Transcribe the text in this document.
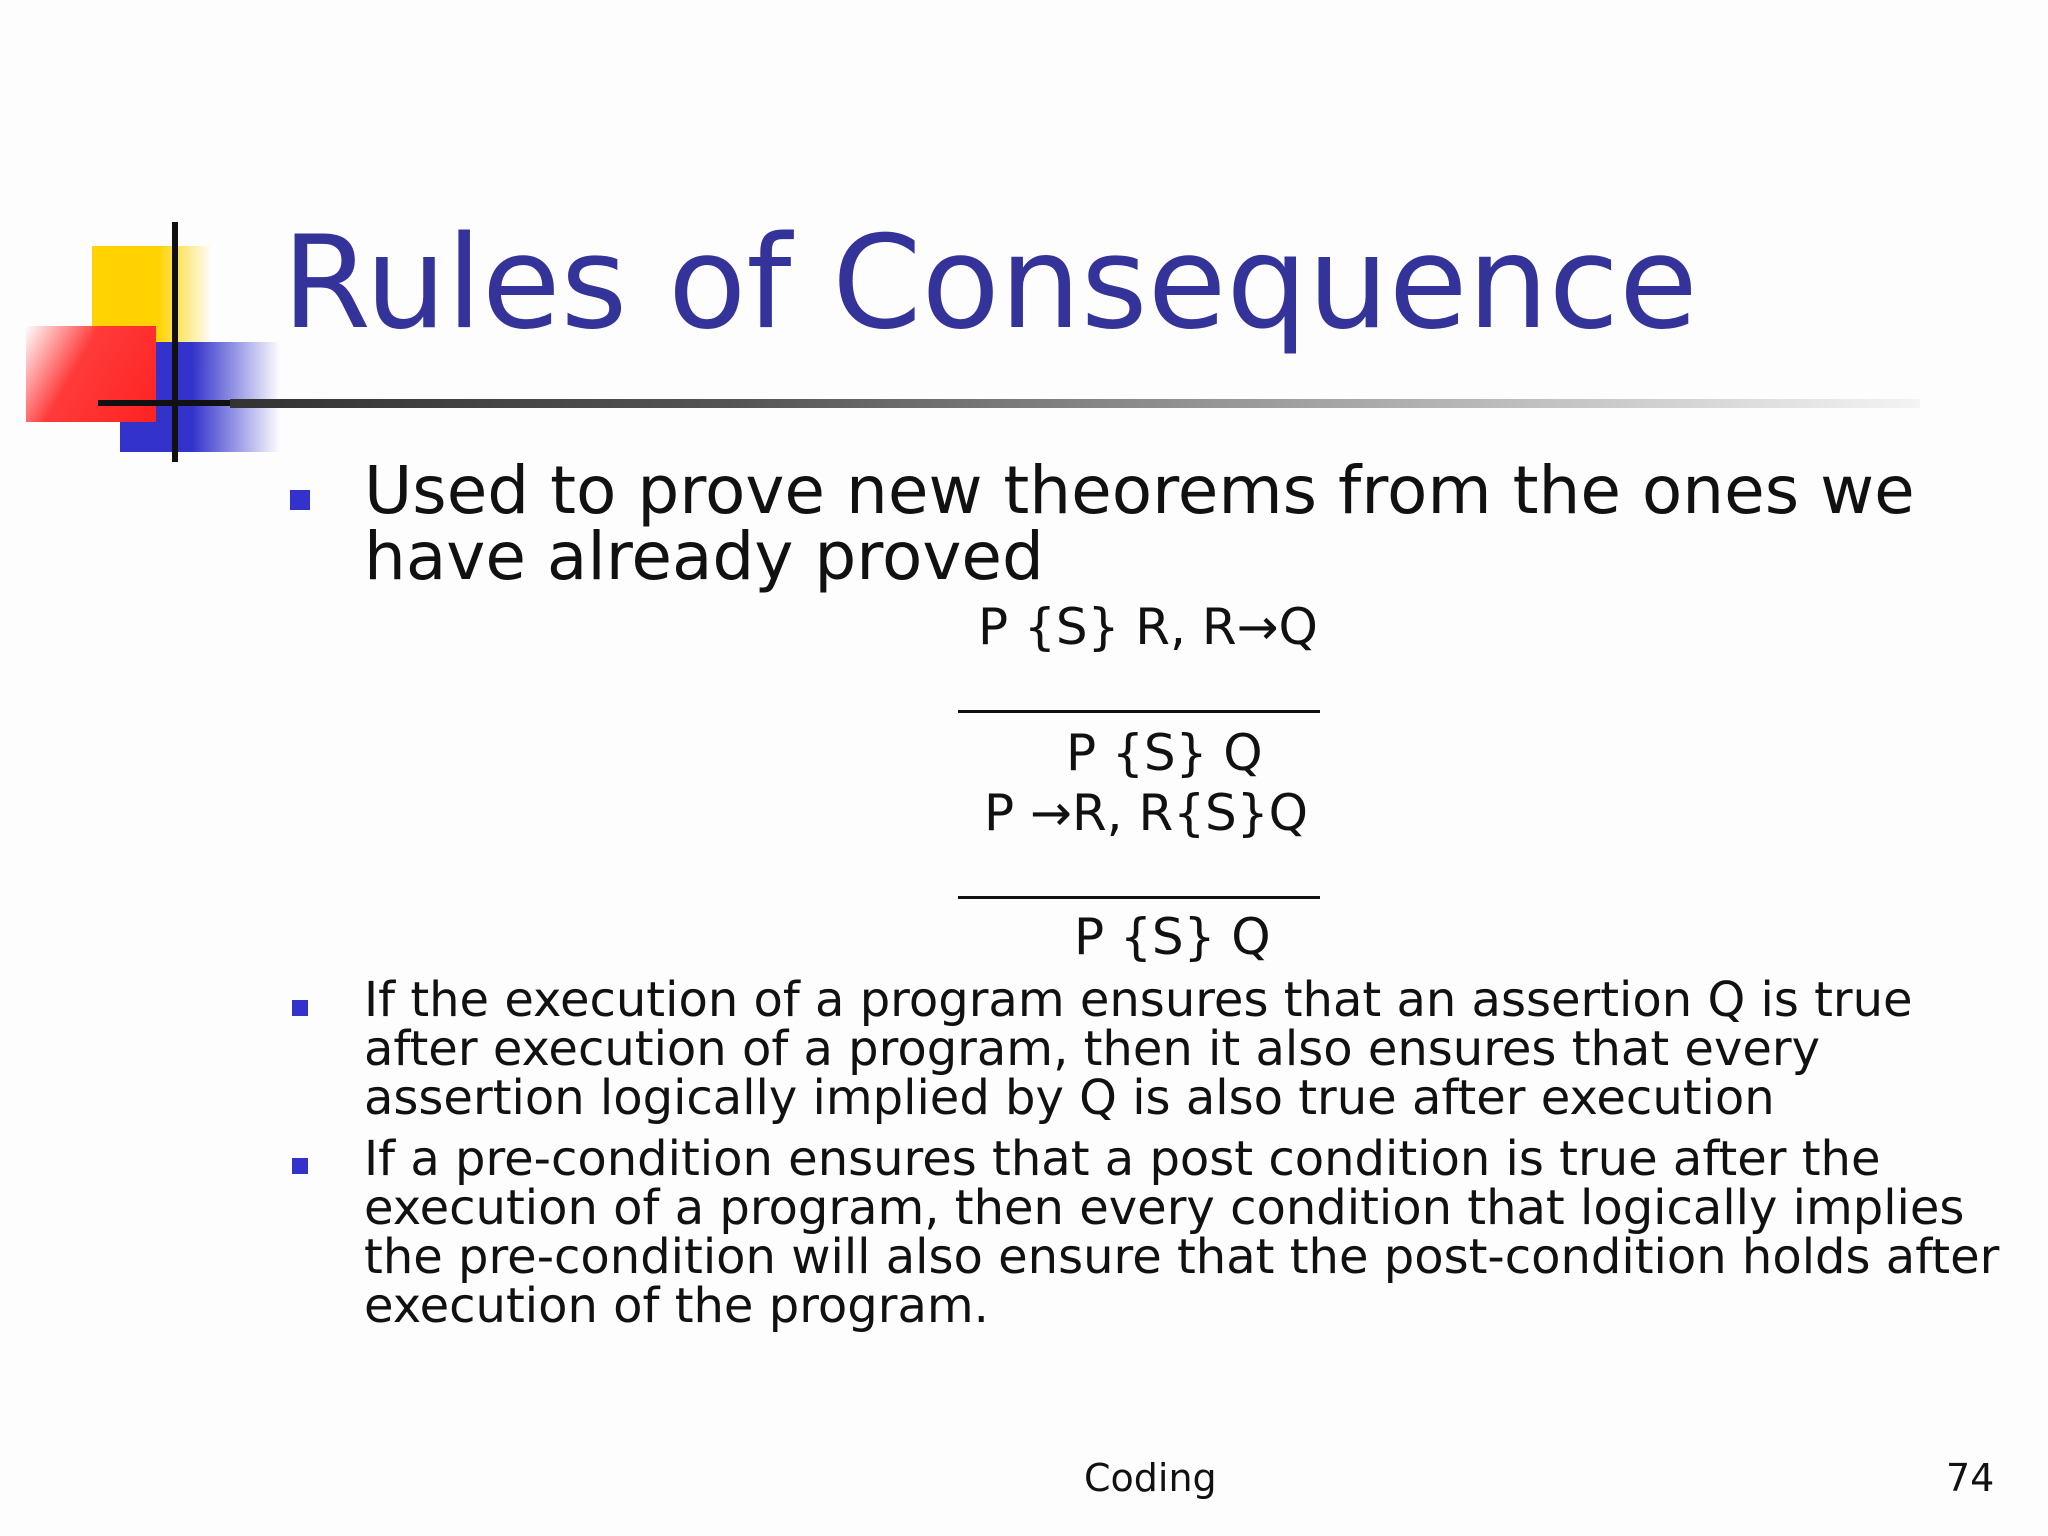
Rules of Consequence

Used to prove new theorems from the ones we have already proved

P {S} R, R→Q
P {S} Q
P →R, R{S}Q
P {S} Q

If the execution of a program ensures that an assertion Q is true after execution of a program, then it also ensures that every assertion logically implied by Q is also true after execution

If a pre-condition ensures that a post condition is true after the execution of a program, then every condition that logically implies the pre-condition will also ensure that the post-condition holds after execution of the program.

Coding	74
